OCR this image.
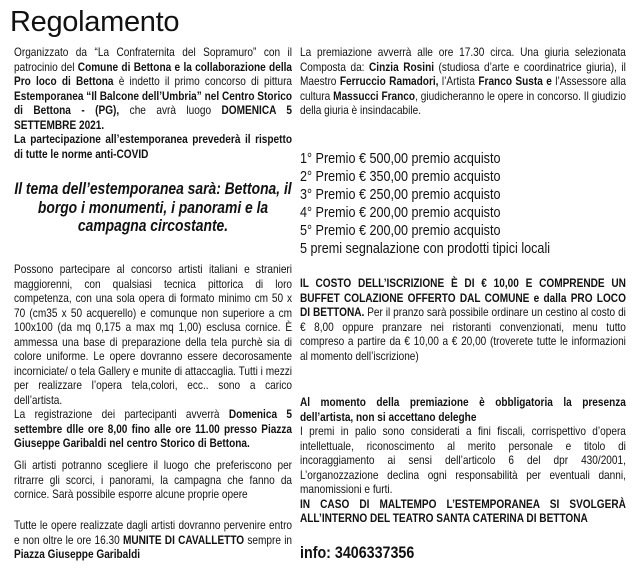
Regolamento

Organizzato da “La Confraternita del Sopramuro” con il patrocinio del Comune di Bettona e la collaborazione della Pro loco di Bettona è indetto il primo concorso di pittura Estemporanea “Il Balcone dell’Umbria” nel Centro Storico di Bettona - (PG), che avrà luogo DOMENICA 5 SETTEMBRE 2021.

La partecipazione all’estemporanea prevederà il rispetto di tutte le norme anti-COVID

Il tema dell’estemporanea sarà: Bettona, il borgo i monumenti, i panorami e la campagna circostante.

Possono partecipare al concorso artisti italiani e stranieri maggiorenni, con qualsiasi tecnica pittorica di loro competenza, con una sola opera di formato minimo cm 50 x 70 (cm35 x 50 acquerello) e comunque non superiore a cm 100x100 (da mq 0,175 a max mq 1,00) esclusa cornice. È ammessa una base di preparazione della tela purchè sia di colore uniforme. Le opere dovranno essere decorosamente incorniciate/ o tela Gallery e munite di attaccaglia. Tutti i mezzi per realizzare l’opera tela,colori, ecc.. sono a carico dell’artista.

La registrazione dei partecipanti avverrà Domenica 5 settembre dlle ore 8,00 fino alle ore 11.00 presso Piazza Giuseppe Garibaldi nel centro Storico di Bettona.

Gli artisti potranno scegliere il luogo che preferiscono per ritrarre gli scorci, i panorami, la campagna che fanno da cornice. Sarà possibile esporre alcune proprie opere

Tutte le opere realizzate dagli artisti dovranno pervenire entro e non oltre le ore 16.30 MUNITE DI CAVALLETTO sempre in Piazza Giuseppe Garibaldi

La premiazione avverrà alle ore 17.30 circa. Una giuria selezionata Composta da: Cinzia Rosini (studiosa d’arte e coordinatrice giuria), il Maestro Ferruccio Ramadori, l’Artista Franco Susta e l’Assessore alla cultura Massucci Franco, giudicheranno le opere in concorso. Il giudizio della giuria è insindacabile.

1° Premio € 500,00 premio acquisto
2° Premio € 350,00 premio acquisto
3° Premio € 250,00 premio acquisto
4° Premio € 200,00 premio acquisto
5° Premio € 200,00 premio acquisto
5 premi segnalazione con prodotti tipici locali

IL COSTO DELL’ISCRIZIONE È DI € 10,00 E COMPRENDE UN BUFFET COLAZIONE OFFERTO DAL COMUNE e dalla PRO LOCO DI BETTONA. Per il pranzo sarà possibile ordinare un cestino al costo di € 8,00 oppure pranzare nei ristoranti convenzionati, menu tutto compreso a partire da € 10,00 a € 20,00 (troverete tutte le informazioni al momento dell’iscrizione)

Al momento della premiazione è obbligatoria la presenza dell’artista, non si accettano deleghe

I premi in palio sono considerati a fini fiscali, corrispettivo d’opera intellettuale, riconoscimento al merito personale e titolo di incoraggiamento ai sensi dell’articolo 6 del dpr 430/2001, L’organozzazione declina ogni responsabilità per eventuali danni, manomissioni e furti.

IN CASO DI MALTEMPO L’ESTEMPORANEA SI SVOLGERÀ ALL’INTERNO DEL TEATRO SANTA CATERINA DI BETTONA

info: 3406337356
